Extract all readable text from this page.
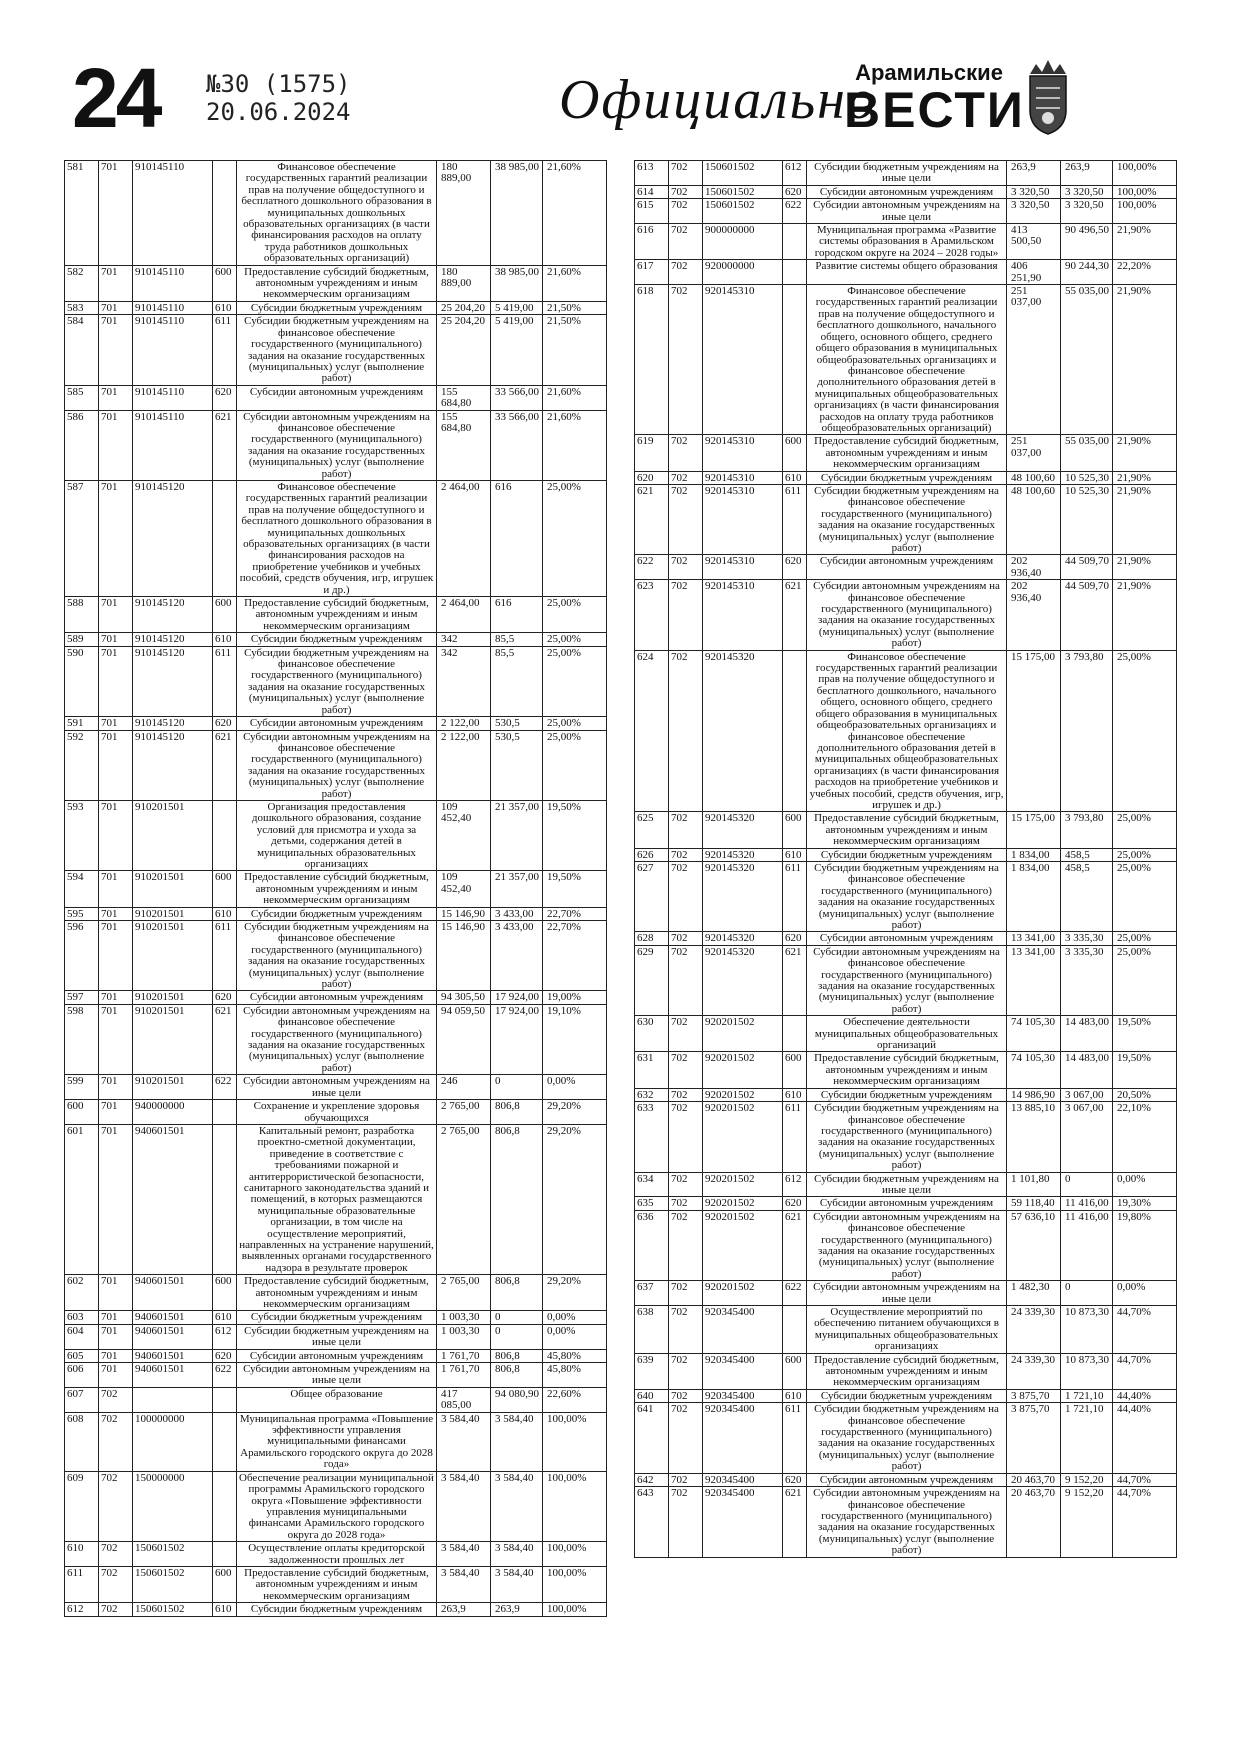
24 №30 (1575)
20.06.2024	Официально
Арамильские
ВЕСТИ
581	701	910145110		Финансовое обеспечение государственных гарантий реализации прав на получение общедоступного и бесплатного дошкольного образования в муниципальных дошкольных образовательных организациях (в части финансирования расходов на оплату труда работников дошкольных образовательных организаций)	180 889,00	38 985,00	21,60%
582	701	910145110	600	Предоставление субсидий бюджетным, автономным учреждениям и иным некоммерческим организациям	180 889,00	38 985,00	21,60%
583	701	910145110	610	Субсидии бюджетным учреждениям	25 204,20	5 419,00	21,50%
584	701	910145110	611	Субсидии бюджетным учреждениям на финансовое обеспечение государственного (муниципального) задания на оказание государственных (муниципальных) услуг (выполнение работ)	25 204,20	5 419,00	21,50%
585	701	910145110	620	Субсидии автономным учреждениям	155 684,80	33 566,00	21,60%
586	701	910145110	621	Субсидии автономным учреждениям на финансовое обеспечение государственного (муниципального) задания на оказание государственных (муниципальных) услуг (выполнение работ)	155 684,80	33 566,00	21,60%
587	701	910145120		Финансовое обеспечение государственных гарантий реализации прав на получение общедоступного и бесплатного дошкольного образования в муниципальных дошкольных образовательных организациях (в части финансирования расходов на приобретение учебников и учебных пособий, средств обучения, игр, игрушек и др.)	2 464,00	616	25,00%
588	701	910145120	600	Предоставление субсидий бюджетным, автономным учреждениям и иным некоммерческим организациям	2 464,00	616	25,00%
589	701	910145120	610	Субсидии бюджетным учреждениям	342	85,5	25,00%
590	701	910145120	611	Субсидии бюджетным учреждениям на финансовое обеспечение государственного (муниципального) задания на оказание государственных (муниципальных) услуг (выполнение работ)	342	85,5	25,00%
591	701	910145120	620	Субсидии автономным учреждениям	2 122,00	530,5	25,00%
592	701	910145120	621	Субсидии автономным учреждениям на финансовое обеспечение государственного (муниципального) задания на оказание государственных (муниципальных) услуг (выполнение работ)	2 122,00	530,5	25,00%
593	701	910201501		Организация предоставления дошкольного образования, создание условий для присмотра и ухода за детьми, содержания детей в муниципальных образовательных организациях	109 452,40	21 357,00	19,50%
594	701	910201501	600	Предоставление субсидий бюджетным, автономным учреждениям и иным некоммерческим организациям	109 452,40	21 357,00	19,50%
595	701	910201501	610	Субсидии бюджетным учреждениям	15 146,90	3 433,00	22,70%
596	701	910201501	611	Субсидии бюджетным учреждениям на финансовое обеспечение государственного (муниципального) задания на оказание государственных (муниципальных) услуг (выполнение работ)	15 146,90	3 433,00	22,70%
597	701	910201501	620	Субсидии автономным учреждениям	94 305,50	17 924,00	19,00%
598	701	910201501	621	Субсидии автономным учреждениям на финансовое обеспечение государственного (муниципального) задания на оказание государственных (муниципальных) услуг (выполнение работ)	94 059,50	17 924,00	19,10%
599	701	910201501	622	Субсидии автономным учреждениям на иные цели	246	0	0,00%
600	701	940000000		Сохранение и укрепление здоровья обучающихся	2 765,00	806,8	29,20%
601	701	940601501		Капитальный ремонт, разработка проектно-сметной документации, приведение в соответствие с требованиями пожарной и антитеррористической безопасности, санитарного законодательства зданий и помещений, в которых размещаются муниципальные образовательные организации, в том числе на осуществление мероприятий, направленных на устранение нарушений, выявленных органами государственного надзора в результате проверок	2 765,00	806,8	29,20%
602	701	940601501	600	Предоставление субсидий бюджетным, автономным учреждениям и иным некоммерческим организациям	2 765,00	806,8	29,20%
603	701	940601501	610	Субсидии бюджетным учреждениям	1 003,30	0	0,00%
604	701	940601501	612	Субсидии бюджетным учреждениям на иные цели	1 003,30	0	0,00%
605	701	940601501	620	Субсидии автономным учреждениям	1 761,70	806,8	45,80%
606	701	940601501	622	Субсидии автономным учреждениям на иные цели	1 761,70	806,8	45,80%
607	702			Общее образование	417 085,00	94 080,90	22,60%
608	702	100000000		Муниципальная программа «Повышение эффективности управления муниципальными финансами Арамильского городского округа до 2028 года»	3 584,40	3 584,40	100,00%
609	702	150000000		Обеспечение реализации муниципальной программы Арамильского городского округа «Повышение эффективности управления муниципальными финансами Арамильского городского округа до 2028 года»	3 584,40	3 584,40	100,00%
610	702	150601502		Осуществление оплаты кредиторской задолженности прошлых лет	3 584,40	3 584,40	100,00%
611	702	150601502	600	Предоставление субсидий бюджетным, автономным учреждениям и иным некоммерческим организациям	3 584,40	3 584,40	100,00%
612	702	150601502	610	Субсидии бюджетным учреждениям	263,9	263,9	100,00%
613	702	150601502	612	Субсидии бюджетным учреждениям на иные цели	263,9	263,9	100,00%
614	702	150601502	620	Субсидии автономным учреждениям	3 320,50	3 320,50	100,00%
615	702	150601502	622	Субсидии автономным учреждениям на иные цели	3 320,50	3 320,50	100,00%
616	702	900000000		Муниципальная программа «Развитие системы образования в Арамильском городском округе на 2024 – 2028 годы»	413 500,50	90 496,50	21,90%
617	702	920000000		Развитие системы общего образования	406 251,90	90 244,30	22,20%
618	702	920145310		Финансовое обеспечение государственных гарантий реализации прав на получение общедоступного и бесплатного дошкольного, начального общего, основного общего, среднего общего образования в муниципальных общеобразовательных организациях и финансовое обеспечение дополнительного образования детей в муниципальных общеобразовательных организациях (в части финансирования расходов на оплату труда работников общеобразовательных организаций)	251 037,00	55 035,00	21,90%
619	702	920145310	600	Предоставление субсидий бюджетным, автономным учреждениям и иным некоммерческим организациям	251 037,00	55 035,00	21,90%
620	702	920145310	610	Субсидии бюджетным учреждениям	48 100,60	10 525,30	21,90%
621	702	920145310	611	Субсидии бюджетным учреждениям на финансовое обеспечение государственного (муниципального) задания на оказание государственных (муниципальных) услуг (выполнение работ)	48 100,60	10 525,30	21,90%
622	702	920145310	620	Субсидии автономным учреждениям	202 936,40	44 509,70	21,90%
623	702	920145310	621	Субсидии автономным учреждениям на финансовое обеспечение государственного (муниципального) задания на оказание государственных (муниципальных) услуг (выполнение работ)	202 936,40	44 509,70	21,90%
624	702	920145320		Финансовое обеспечение государственных гарантий реализации прав на получение общедоступного и бесплатного дошкольного, начального общего, основного общего, среднего общего образования в муниципальных общеобразовательных организациях и финансовое обеспечение дополнительного образования детей в муниципальных общеобразовательных организациях (в части финансирования расходов на приобретение учебников и учебных пособий, средств обучения, игр, игрушек и др.)	15 175,00	3 793,80	25,00%
625	702	920145320	600	Предоставление субсидий бюджетным, автономным учреждениям и иным некоммерческим организациям	15 175,00	3 793,80	25,00%
626	702	920145320	610	Субсидии бюджетным учреждениям	1 834,00	458,5	25,00%
627	702	920145320	611	Субсидии бюджетным учреждениям на финансовое обеспечение государственного (муниципального) задания на оказание государственных (муниципальных) услуг (выполнение работ)	1 834,00	458,5	25,00%
628	702	920145320	620	Субсидии автономным учреждениям	13 341,00	3 335,30	25,00%
629	702	920145320	621	Субсидии автономным учреждениям на финансовое обеспечение государственного (муниципального) задания на оказание государственных (муниципальных) услуг (выполнение работ)	13 341,00	3 335,30	25,00%
630	702	920201502		Обеспечение деятельности муниципальных общеобразовательных организаций	74 105,30	14 483,00	19,50%
631	702	920201502	600	Предоставление субсидий бюджетным, автономным учреждениям и иным некоммерческим организациям	74 105,30	14 483,00	19,50%
632	702	920201502	610	Субсидии бюджетным учреждениям	14 986,90	3 067,00	20,50%
633	702	920201502	611	Субсидии бюджетным учреждениям на финансовое обеспечение государственного (муниципального) задания на оказание государственных (муниципальных) услуг (выполнение работ)	13 885,10	3 067,00	22,10%
634	702	920201502	612	Субсидии бюджетным учреждениям на иные цели	1 101,80	0	0,00%
635	702	920201502	620	Субсидии автономным учреждениям	59 118,40	11 416,00	19,30%
636	702	920201502	621	Субсидии автономным учреждениям на финансовое обеспечение государственного (муниципального) задания на оказание государственных (муниципальных) услуг (выполнение работ)	57 636,10	11 416,00	19,80%
637	702	920201502	622	Субсидии автономным учреждениям на иные цели	1 482,30	0	0,00%
638	702	920345400		Осуществление мероприятий по обеспечению питанием обучающихся в муниципальных общеобразовательных организациях	24 339,30	10 873,30	44,70%
639	702	920345400	600	Предоставление субсидий бюджетным, автономным учреждениям и иным некоммерческим организациям	24 339,30	10 873,30	44,70%
640	702	920345400	610	Субсидии бюджетным учреждениям	3 875,70	1 721,10	44,40%
641	702	920345400	611	Субсидии бюджетным учреждениям на финансовое обеспечение государственного (муниципального) задания на оказание государственных (муниципальных) услуг (выполнение работ)	3 875,70	1 721,10	44,40%
642	702	920345400	620	Субсидии автономным учреждениям	20 463,70	9 152,20	44,70%
643	702	920345400	621	Субсидии автономным учреждениям на финансовое обеспечение государственного (муниципального) задания на оказание государственных (муниципальных) услуг (выполнение работ)	20 463,70	9 152,20	44,70%
